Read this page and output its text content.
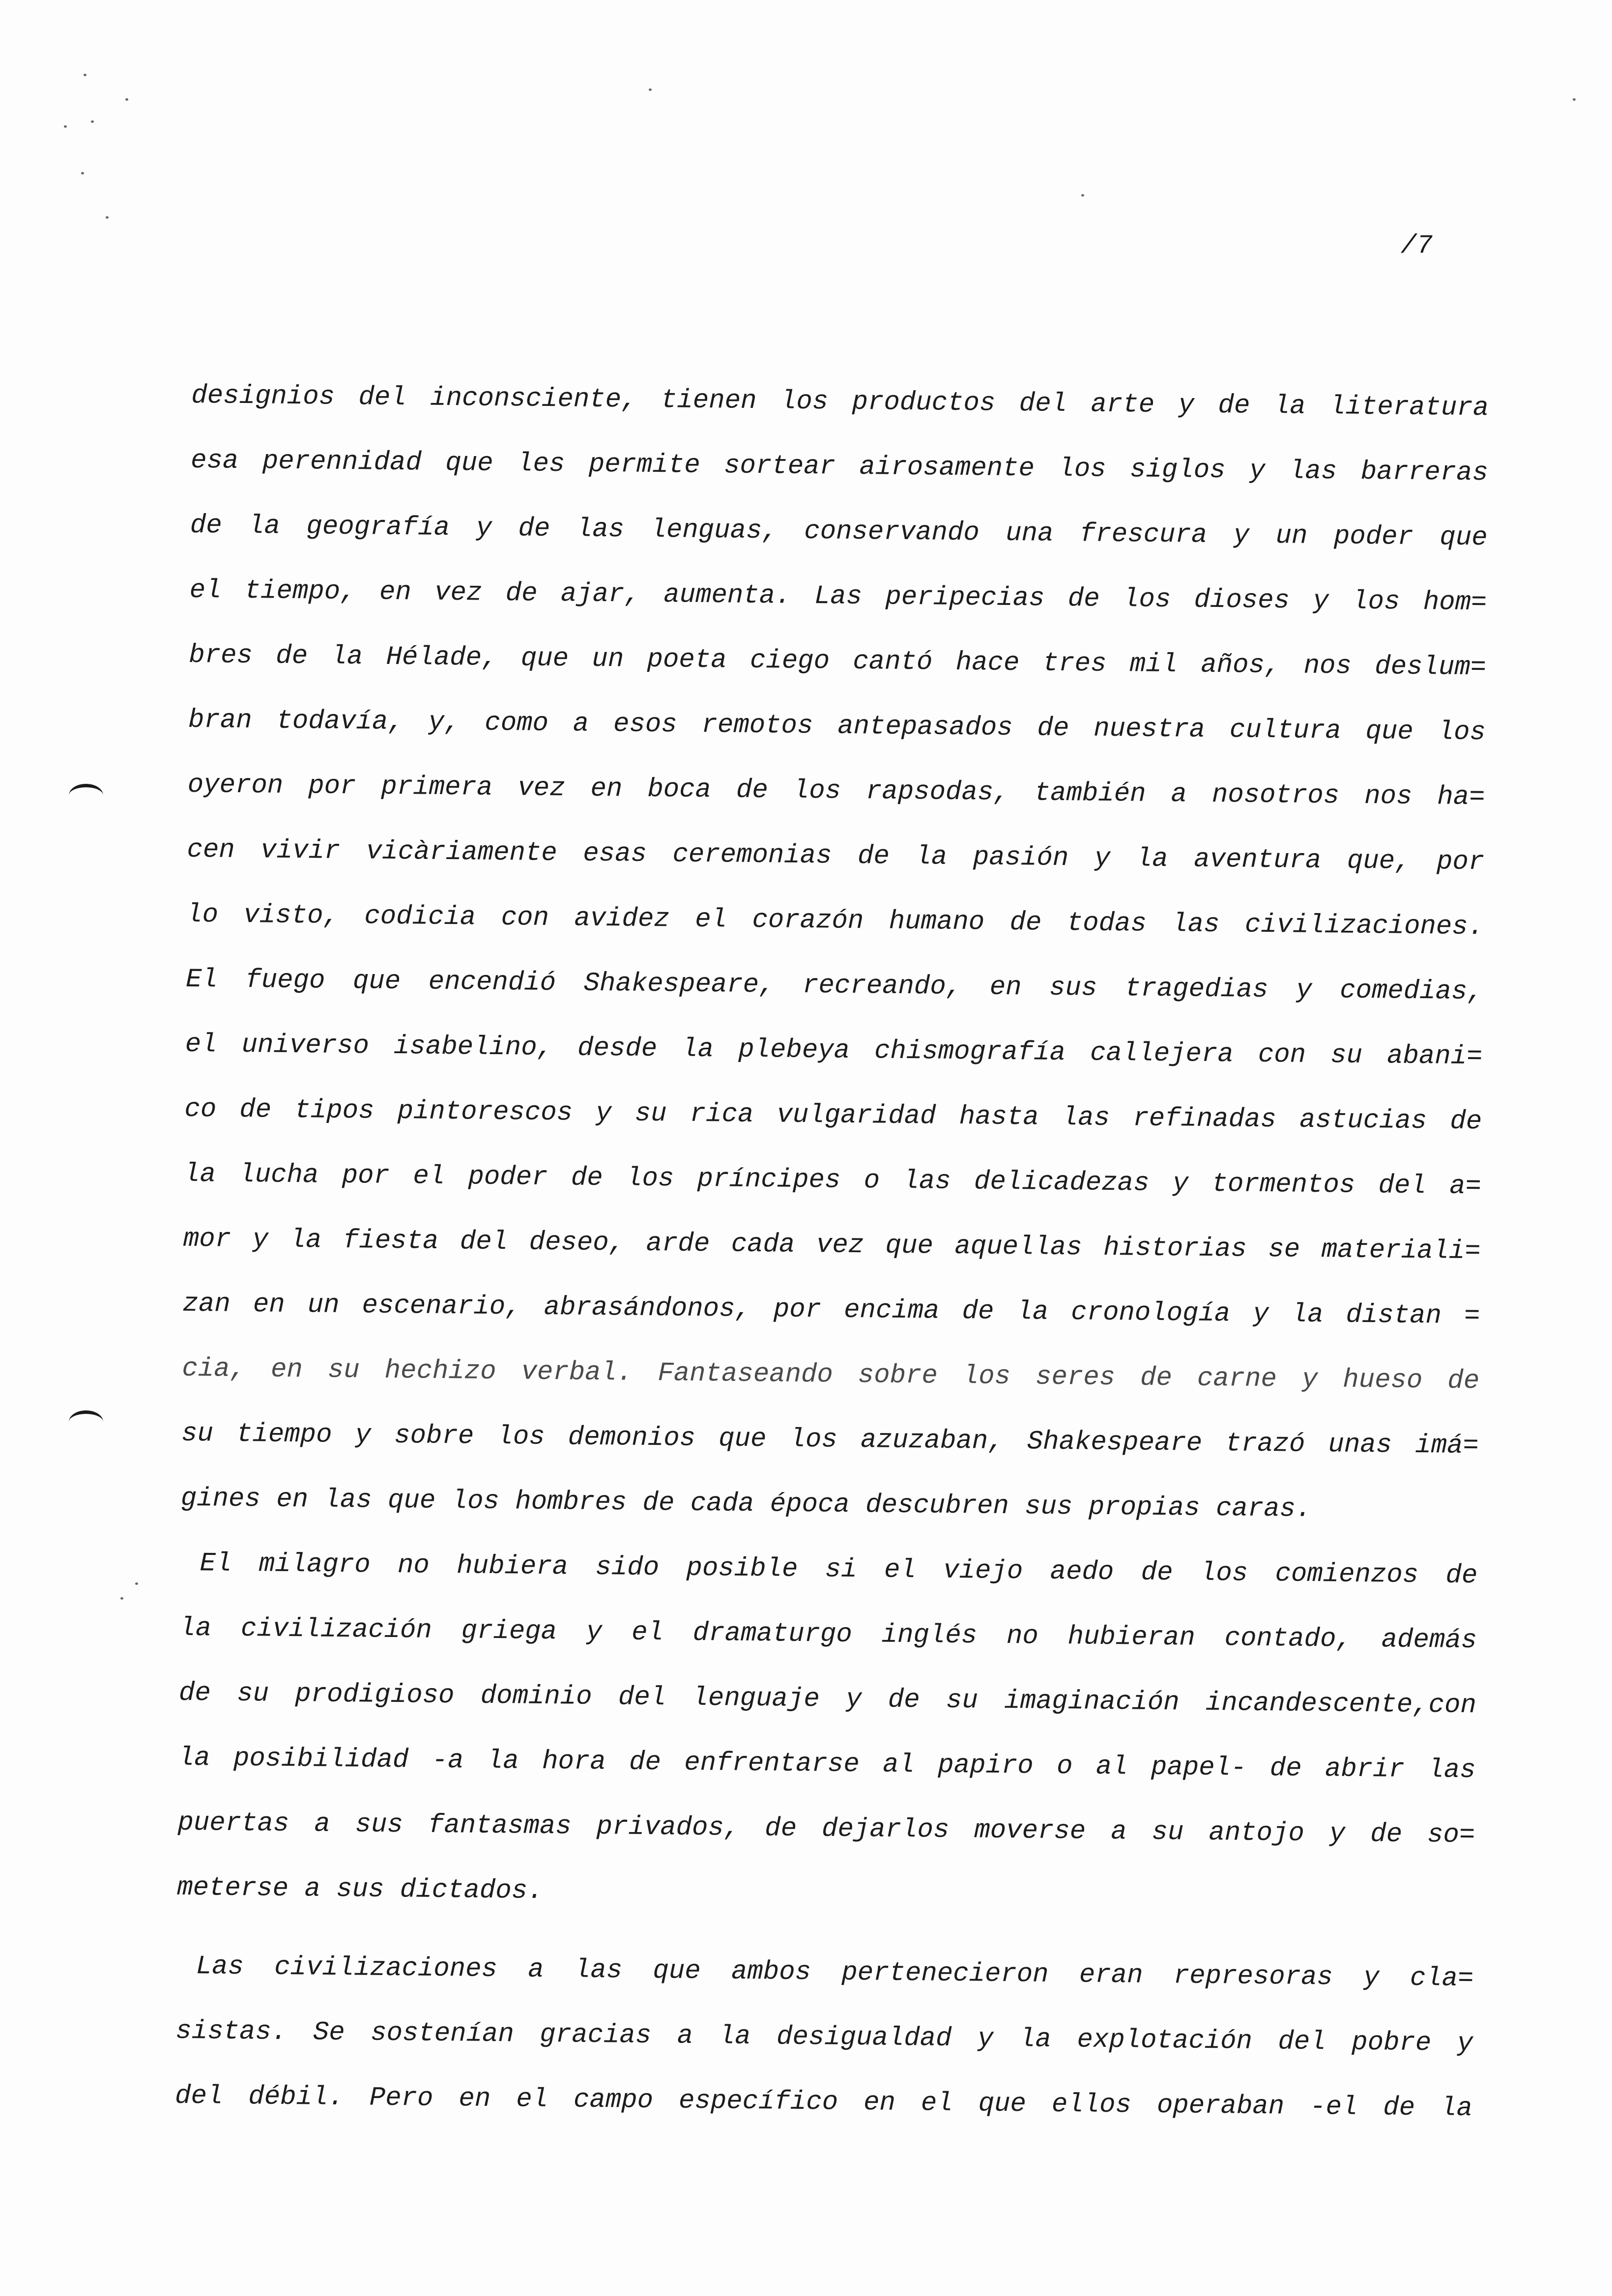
/7
designios del inconsciente, tienen los productos del arte y de la literatura
esa perennidad que les permite sortear airosamente los siglos y las barreras
de la geografía y de las lenguas, conservando una frescura y un poder que
el tiempo, en vez de ajar, aumenta. Las peripecias de los dioses y los hom=
bres de la Hélade, que un poeta ciego cantó hace tres mil años, nos deslum=
bran todavía, y, como a esos remotos antepasados de nuestra cultura que los
oyeron por primera vez en boca de los rapsodas, también a nosotros nos ha=
cen vivir vicàriamente esas ceremonias de la pasión y la aventura que, por
lo visto, codicia con avidez el corazón humano de todas las civilizaciones.
El fuego que encendió Shakespeare, recreando, en sus tragedias y comedias,
el universo isabelino, desde la plebeya chismografía callejera con su abani=
co de tipos pintorescos y su rica vulgaridad hasta las refinadas astucias de
la lucha por el poder de los príncipes o las delicadezas y tormentos del a=
mor y la fiesta del deseo, arde cada vez que aquellas historias se materiali=
zan en un escenario, abrasándonos, por encima de la cronología y la distan =
cia, en su hechizo verbal. Fantaseando sobre los seres de carne y hueso de
su tiempo y sobre los demonios que los azuzaban, Shakespeare trazó unas imá=
gines en las que los hombres de cada época descubren sus propias caras.
El milagro no hubiera sido posible si el viejo aedo de los comienzos de
la civilización griega y el dramaturgo inglés no hubieran contado, además
de su prodigioso dominio del lenguaje y de su imaginación incandescente,con
la posibilidad -a la hora de enfrentarse al papiro o al papel- de abrir las
puertas a sus fantasmas privados, de dejarlos moverse a su antojo y de so=
meterse a sus dictados.
Las civilizaciones a las que ambos pertenecieron eran represoras y cla=
sistas. Se sostenían gracias a la desigualdad y la explotación del pobre y
del débil. Pero en el campo específico en el que ellos operaban -el de la
